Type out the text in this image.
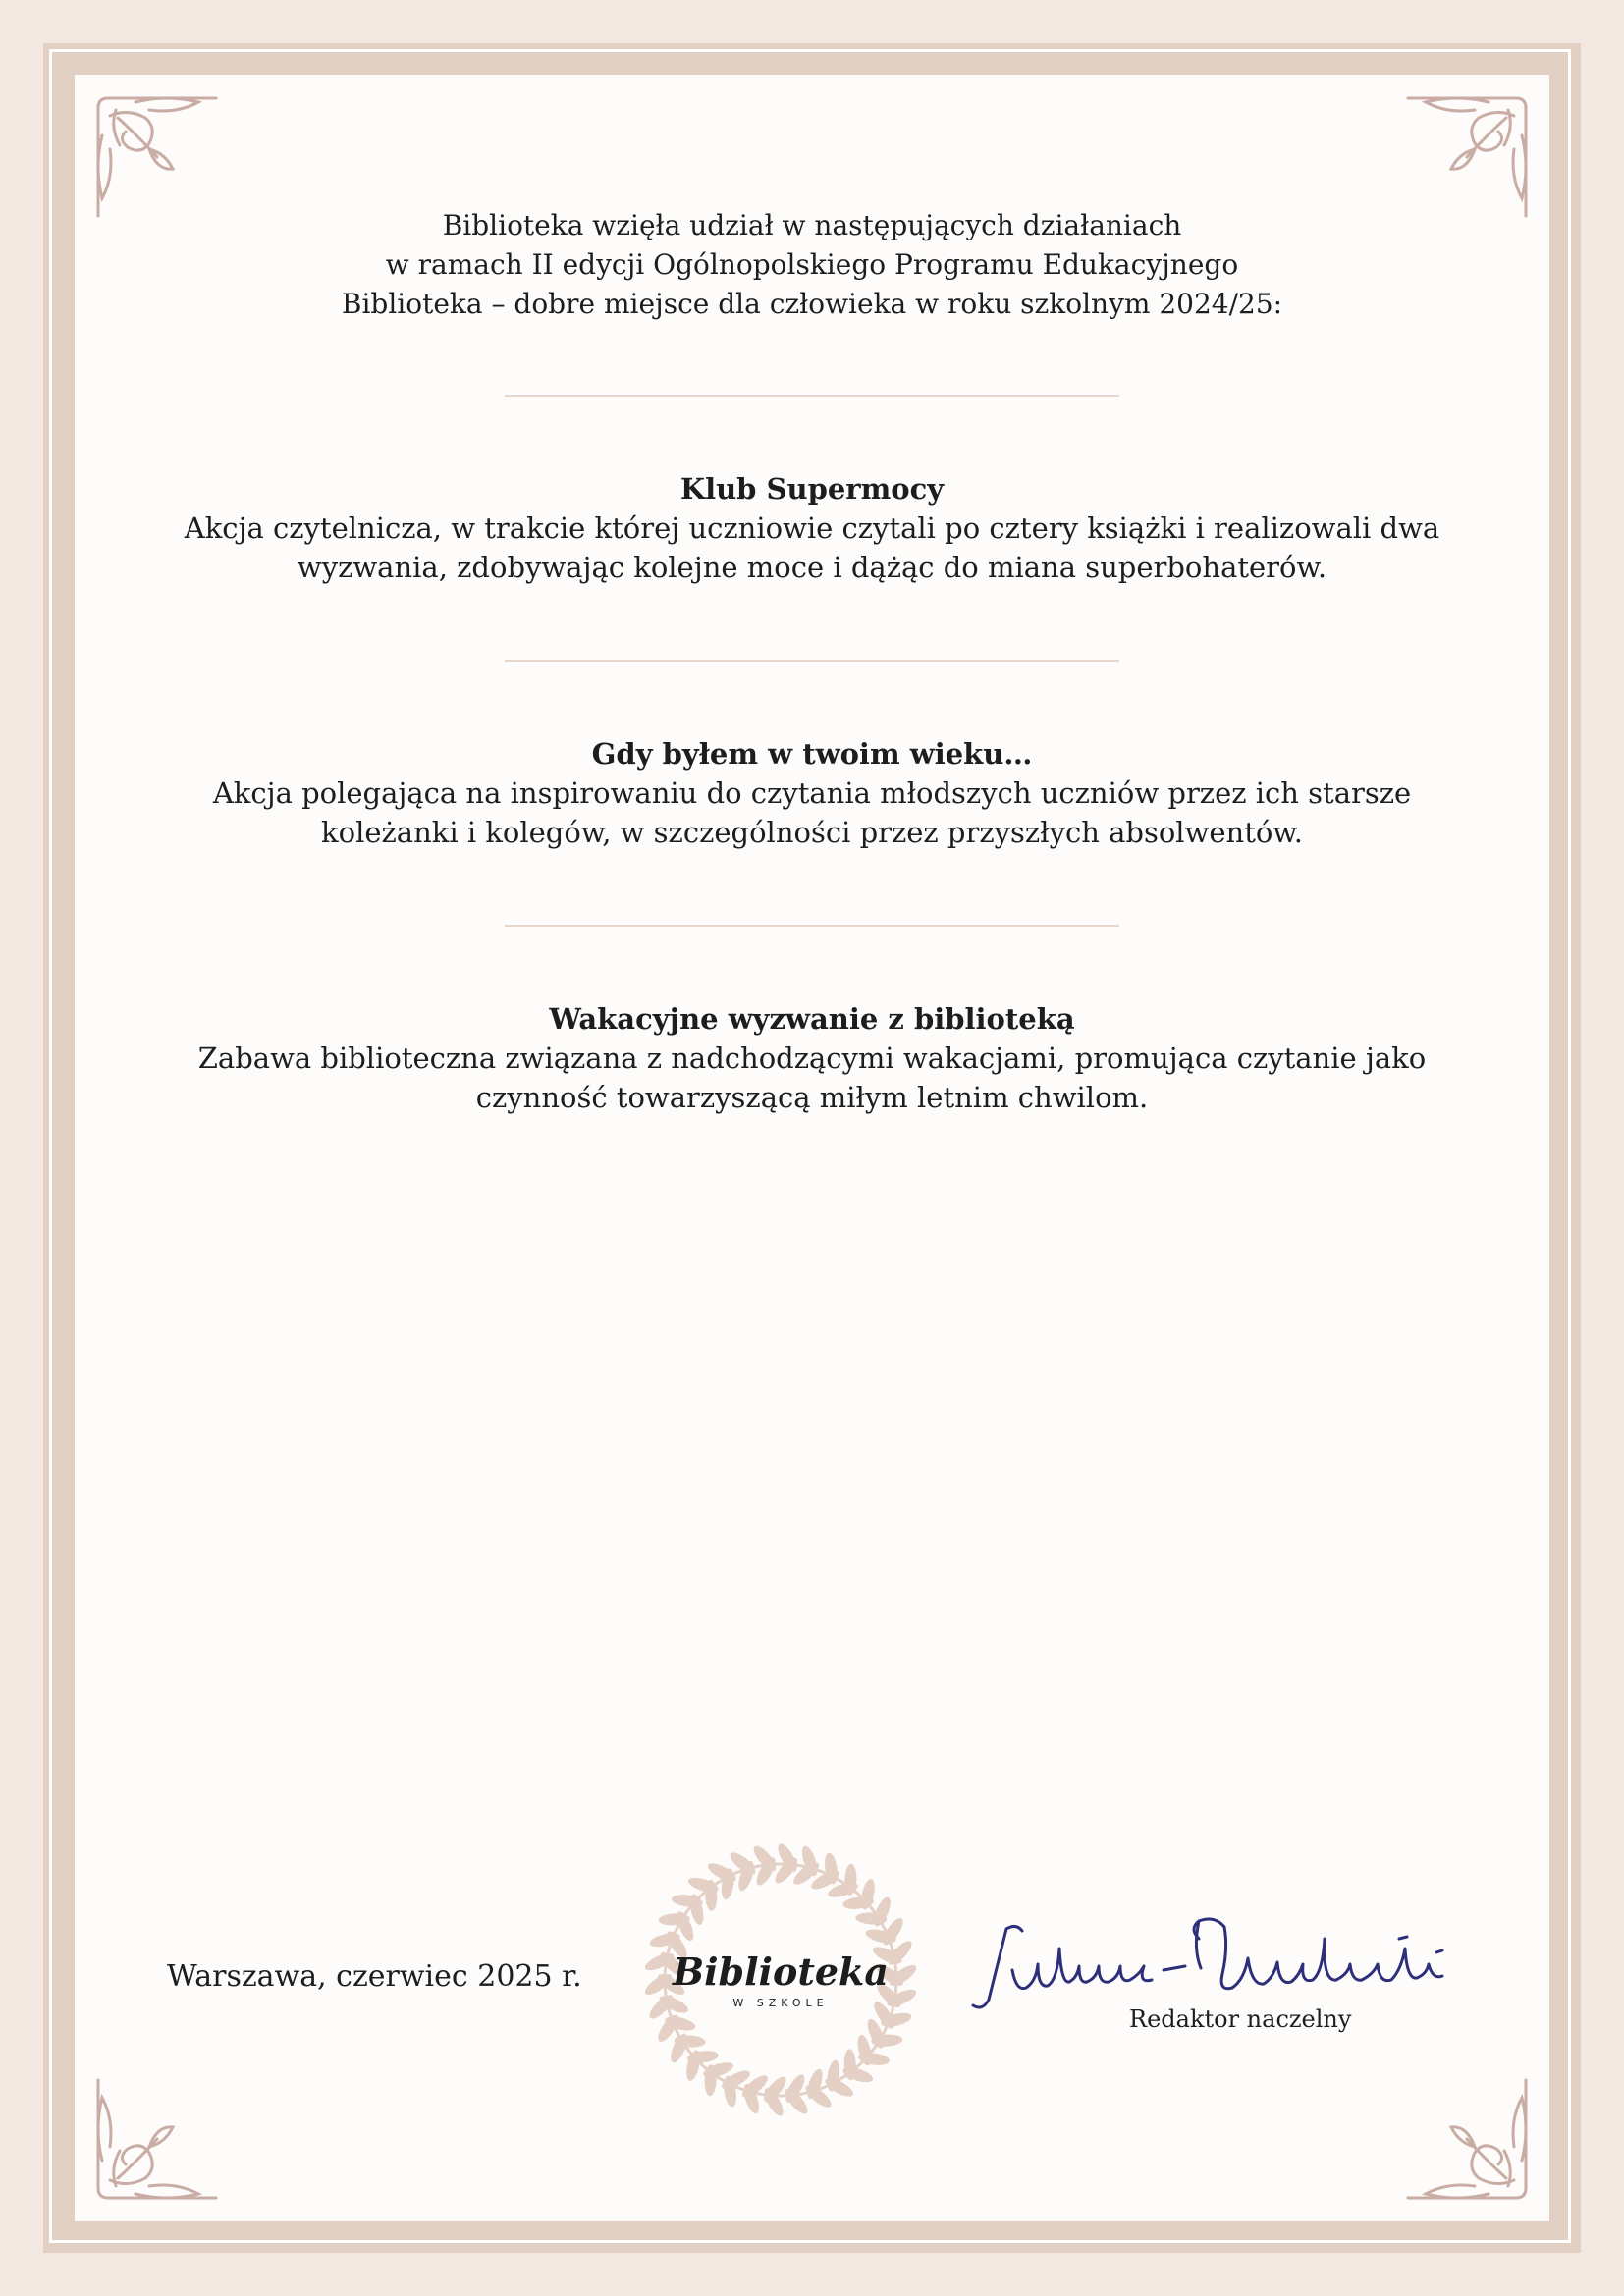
Biblioteka wzięła udział w następujących działaniach
w ramach II edycji Ogólnopolskiego Programu Edukacyjnego
Biblioteka – dobre miejsce dla człowieka w roku szkolnym 2024/25:
Klub Supermocy
Akcja czytelnicza, w trakcie której uczniowie czytali po cztery książki i realizowali dwa
wyzwania, zdobywając kolejne moce i dążąc do miana superbohaterów.
Gdy byłem w twoim wieku…
Akcja polegająca na inspirowaniu do czytania młodszych uczniów przez ich starsze
koleżanki i kolegów, w szczególności przez przyszłych absolwentów.
Wakacyjne wyzwanie z biblioteką
Zabawa biblioteczna związana z nadchodzącymi wakacjami, promująca czytanie jako
czynność towarzyszącą miłym letnim chwilom.
Warszawa, czerwiec 2025 r. Biblioteka
W SZKOLE
Redaktor naczelny
